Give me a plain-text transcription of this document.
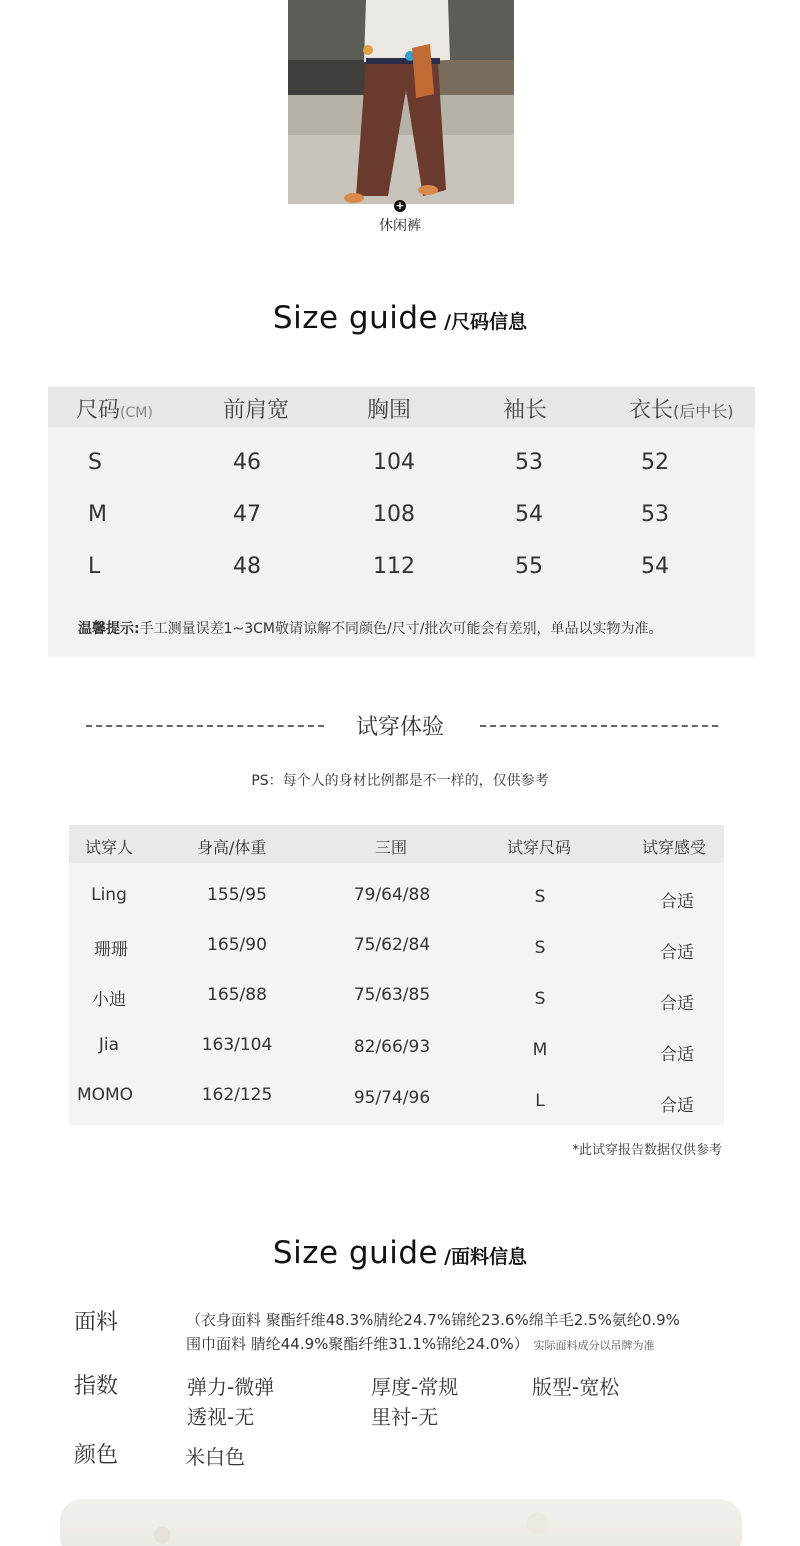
+
休闲裤
Size guide /尺码信息
尺码(CM)	前肩宽	胸围	袖长	衣长(后中长)
S	46	104	53	52
M	47	108	54	53
L	48	112	55	54
温馨提示:手工测量误差1~3CM敬请谅解不同颜色/尺寸/批次可能会有差别，单品以实物为准。
试穿体验
PS：每个人的身材比例都是不一样的，仅供参考
试穿人	身高/体重	三围	试穿尺码	试穿感受
Ling	155/95	79/64/88	S	合适
珊珊	165/90	75/62/84	S	合适
小迪	165/88	75/63/85	S	合适
Jia	163/104	82/66/93	M	合适
MOMO	162/125	95/74/96	L	合适
*此试穿报告数据仅供参考
Size guide /面料信息
面料	（衣身面料 聚酯纤维48.3%腈纶24.7%锦纶23.6%绵羊毛2.5%氨纶0.9%
围巾面料 腈纶44.9%聚酯纤维31.1%锦纶24.0%） 实际面料成分以吊牌为准
指数	弹力-微弹	厚度-常规	版型-宽松
透视-无	里衬-无
颜色	米白色
